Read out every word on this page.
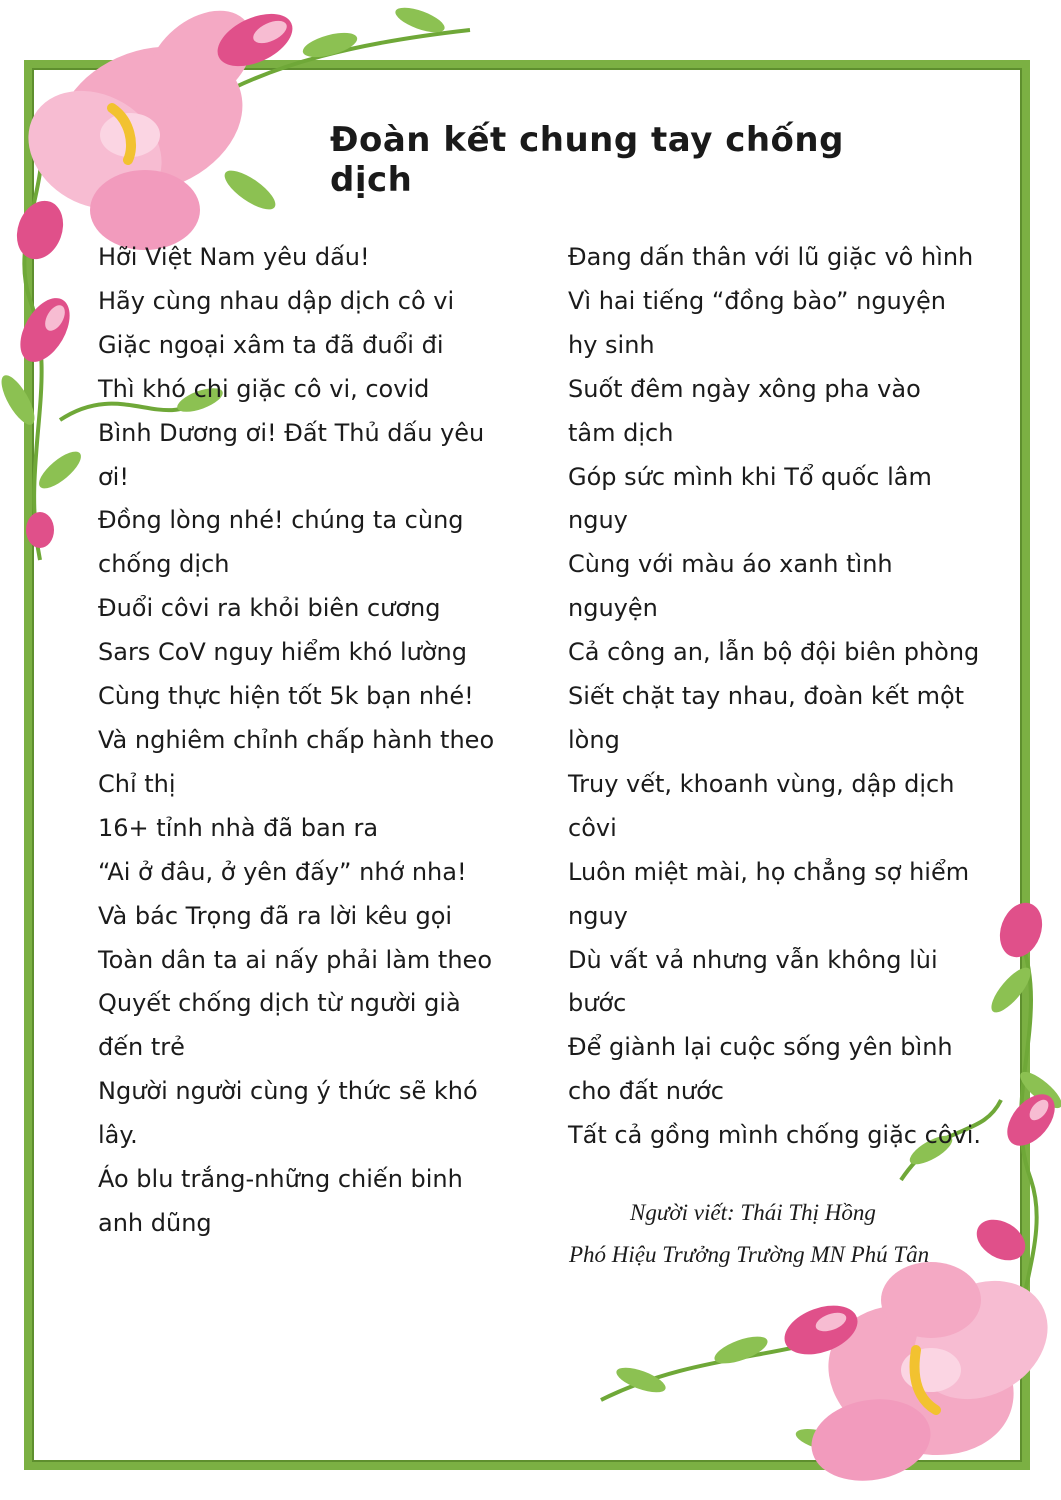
Đoàn kết chung tay chống dịch
Hỡi Việt Nam yêu dấu!
Hãy cùng nhau dập dịch cô vi
Giặc ngoại xâm ta đã đuổi đi
Thì khó chi giặc cô vi, covid
Bình Dương ơi! Đất Thủ dấu yêu
ơi!
Đồng lòng nhé! chúng ta cùng
chống dịch
Đuổi côvi ra khỏi biên cương
Sars CoV nguy hiểm khó lường
Cùng thực hiện tốt 5k bạn nhé!
Và nghiêm chỉnh chấp hành theo
Chỉ thị
16+ tỉnh nhà đã ban ra
“Ai ở đâu, ở yên đấy” nhớ nha!
Và bác Trọng đã ra lời kêu gọi
Toàn dân ta ai nấy phải làm theo
Quyết chống dịch từ người già
đến trẻ
Người người cùng ý thức sẽ khó
lây.
Áo blu trắng-những chiến binh
anh dũng
Đang dấn thân với lũ giặc vô hình
Vì hai tiếng “đồng bào” nguyện
hy sinh
Suốt đêm ngày xông pha vào
tâm dịch
Góp sức mình khi Tổ quốc lâm
nguy
Cùng với màu áo xanh tình
nguyện
Cả công an, lẫn bộ đội biên phòng
Siết chặt tay nhau, đoàn kết một
lòng
Truy vết, khoanh vùng, dập dịch
côvi
Luôn miệt mài, họ chẳng sợ hiểm
nguy
Dù vất vả nhưng vẫn không lùi
bước
Để giành lại cuộc sống yên bình
cho đất nước
Tất cả gồng mình chống giặc côvi.
Người viết: Thái Thị Hồng
Phó Hiệu Trưởng Trường MN Phú Tân
